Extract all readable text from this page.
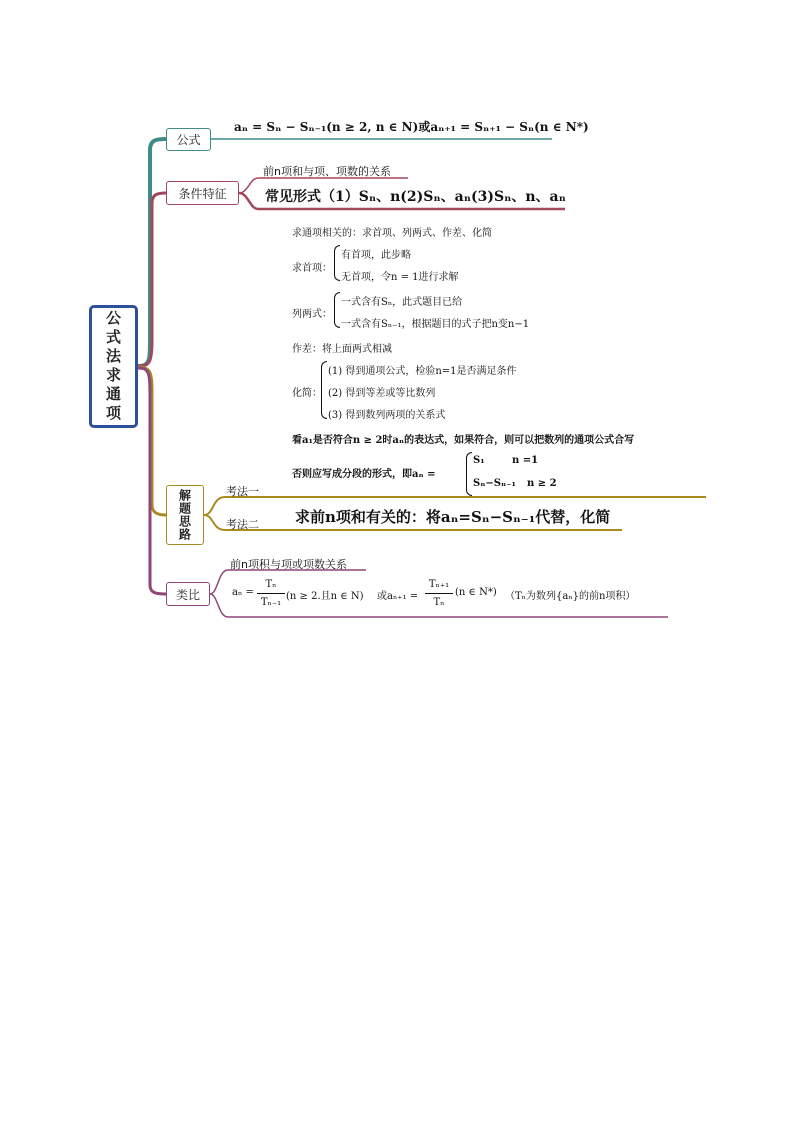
公式法求通项
公式
aₙ = Sₙ − Sₙ₋₁(n ≥ 2, n ∈ N)或aₙ₊₁ = Sₙ₊₁ − Sₙ(n ∈ N*)
条件特征
前n项和与项、项数的关系
常见形式（1）Sₙ、n(2)Sₙ、aₙ(3)Sₙ、n、aₙ
求通项相关的：求首项、列两式、作差、化简
求首项：
有首项，此步略
无首项，令n = 1进行求解
列两式：
一式含有Sₙ，此式题目已给
一式含有Sₙ₋₁，根据题目的式子把n变n−1
作差：将上面两式相减
化简：
(1) 得到通项公式，检验n=1是否满足条件
(2) 得到等差或等比数列
(3) 得到数列两项的关系式
看a₁是否符合n ≥ 2时aₙ的表达式，如果符合，则可以把数列的通项公式合写
否则应写成分段的形式，即aₙ =
S₁	n =1
Sₙ−Sₙ₋₁ n ≥ 2
解题思路	考法一
考法二 求前n项和有关的：将aₙ=Sₙ−Sₙ₋₁代替，化简
类比
前n项积与项或项数关系
aₙ =
Tₙ
Tₙ₋₁
(n ≥ 2.且n ∈ N) 或aₙ₊₁ =
Tₙ₊₁
Tₙ
(n ∈ N*) （Tₙ为数列{aₙ}的前n项积）
